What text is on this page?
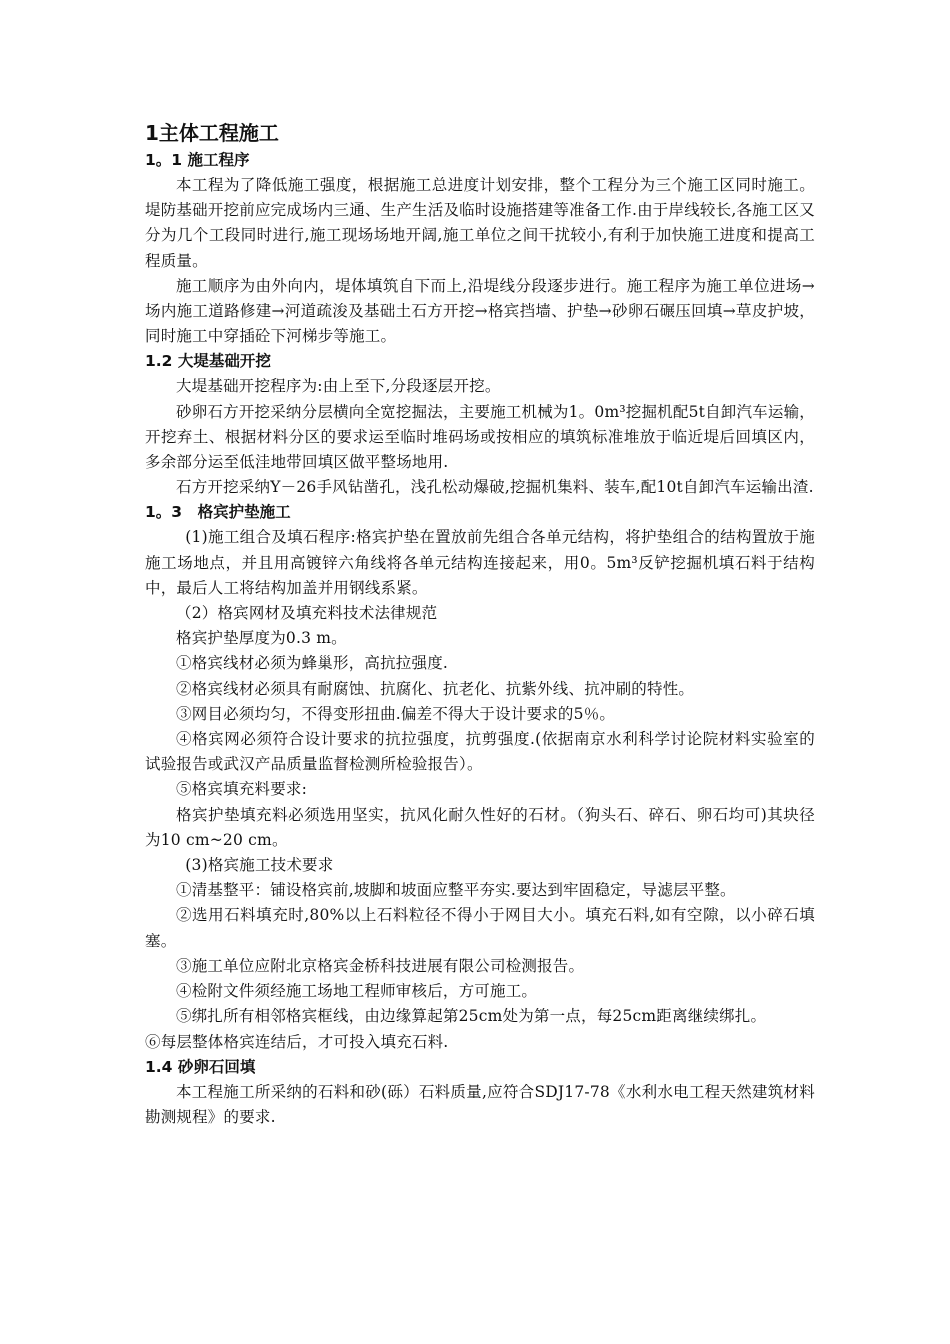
1主体工程施工
1。1 施工程序

本工程为了降低施工强度，根据施工总进度计划安排，整个工程分为三个施工区同时施工。堤防基础开挖前应完成场内三通、生产生活及临时设施搭建等准备工作.由于岸线较长,各施工区又分为几个工段同时进行,施工现场场地开阔,施工单位之间干扰较小,有利于加快施工进度和提高工程质量。

施工顺序为由外向内，堤体填筑自下而上,沿堤线分段逐步进行。施工程序为施工单位进场→场内施工道路修建→河道疏浚及基础土石方开挖→格宾挡墙、护垫→砂卵石碾压回填→草皮护坡，同时施工中穿插砼下河梯步等施工。

1.2 大堤基础开挖

大堤基础开挖程序为:由上至下,分段逐层开挖。

砂卵石方开挖采纳分层横向全宽挖掘法，主要施工机械为1。0m³挖掘机配5t自卸汽车运输，开挖弃土、根据材料分区的要求运至临时堆码场或按相应的填筑标准堆放于临近堤后回填区内，多余部分运至低洼地带回填区做平整场地用.

石方开挖采纳Y－26手风钻凿孔，浅孔松动爆破,挖掘机集料、装车,配10t自卸汽车运输出渣.

1。3　格宾护垫施工

(1)施工组合及填石程序:格宾护垫在置放前先组合各单元结构，将护垫组合的结构置放于施施工场地点，并且用高镀锌六角线将各单元结构连接起来，用0。5m³反铲挖掘机填石料于结构中，最后人工将结构加盖并用钢线系紧。

（2）格宾网材及填充料技术法律规范

格宾护垫厚度为0.3 m。

①格宾线材必须为蜂巢形，高抗拉强度.

②格宾线材必须具有耐腐蚀、抗腐化、抗老化、抗紫外线、抗冲刷的特性。

③网目必须均匀，不得变形扭曲.偏差不得大于设计要求的5％。

④格宾网必须符合设计要求的抗拉强度，抗剪强度.(依据南京水利科学讨论院材料实验室的试验报告或武汉产品质量监督检测所检验报告）。

⑤格宾填充料要求:

格宾护垫填充料必须选用坚实，抗风化耐久性好的石材。（狗头石、碎石、卵石均可)其块径为10 cm~20 cm。

(3)格宾施工技术要求

①清基整平：铺设格宾前,坡脚和坡面应整平夯实.要达到牢固稳定，导滤层平整。

②选用石料填充时,80%以上石料粒径不得小于网目大小。填充石料,如有空隙，以小碎石填塞。

③施工单位应附北京格宾金桥科技进展有限公司检测报告。

④检附文件须经施工场地工程师审核后，方可施工。

⑤绑扎所有相邻格宾框线，由边缘算起第25cm处为第一点，每25cm距离继续绑扎。

⑥每层整体格宾连结后，才可投入填充石料.

1.4 砂卵石回填

本工程施工所采纳的石料和砂(砾）石料质量,应符合SDJ17-78《水利水电工程天然建筑材料勘测规程》的要求.
